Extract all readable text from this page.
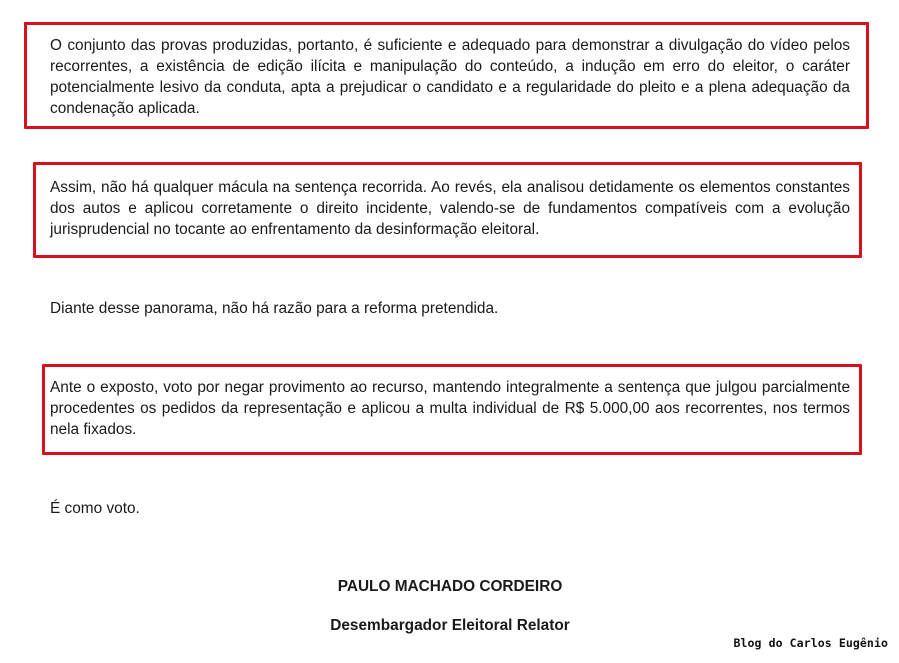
O conjunto das provas produzidas, portanto, é suficiente e adequado para demonstrar a divulgação do vídeo pelos recorrentes, a existência de edição ilícita e manipulação do conteúdo, a indução em erro do eleitor, o caráter potencialmente lesivo da conduta, apta a prejudicar o candidato e a regularidade do pleito e a plena adequação da condenação aplicada.

Assim, não há qualquer mácula na sentença recorrida. Ao revés, ela analisou detidamente os elementos constantes dos autos e aplicou corretamente o direito incidente, valendo-se de fundamentos compatíveis com a evolução jurisprudencial no tocante ao enfrentamento da desinformação eleitoral.

Diante desse panorama, não há razão para a reforma pretendida.

Ante o exposto, voto por negar provimento ao recurso, mantendo integralmente a sentença que julgou parcialmente procedentes os pedidos da representação e aplicou a multa individual de R$ 5.000,00 aos recorrentes, nos termos nela fixados.

É como voto.

PAULO MACHADO CORDEIRO

Desembargador Eleitoral Relator

Blog do Carlos Eugênio
